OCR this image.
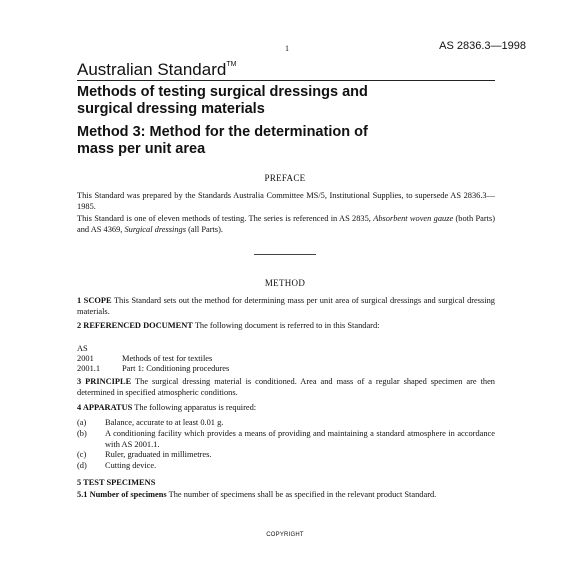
1	AS 2836.3—1998
Australian Standard™
Methods of testing surgical dressings and
surgical dressing materials
Method 3: Method for the determination of
mass per unit area
PREFACE
This Standard was prepared by the Standards Australia Committee MS/5, Institutional Supplies, to supersede AS 2836.3—1985.
This Standard is one of eleven methods of testing. The series is referenced in AS 2835, Absorbent woven gauze (both Parts) and AS 4369, Surgical dressings (all Parts).
METHOD
1 SCOPE This Standard sets out the method for determining mass per unit area of surgical dressings and surgical dressing materials.
2 REFERENCED DOCUMENT The following document is referred to in this Standard:
AS
2001	Methods of test for textiles
2001.1	Part 1: Conditioning procedures
3 PRINCIPLE The surgical dressing material is conditioned. Area and mass of a regular shaped specimen are then determined in specified atmospheric conditions.
4 APPARATUS The following apparatus is required:
(a)	Balance, accurate to at least 0.01 g.
(b)	A conditioning facility which provides a means of providing and maintaining a standard atmosphere in accordance with AS 2001.1.
(c)	Ruler, graduated in millimetres.
(d)	Cutting device.
5 TEST SPECIMENS
5.1 Number of specimens The number of specimens shall be as specified in the relevant product Standard.
COPYRIGHT
